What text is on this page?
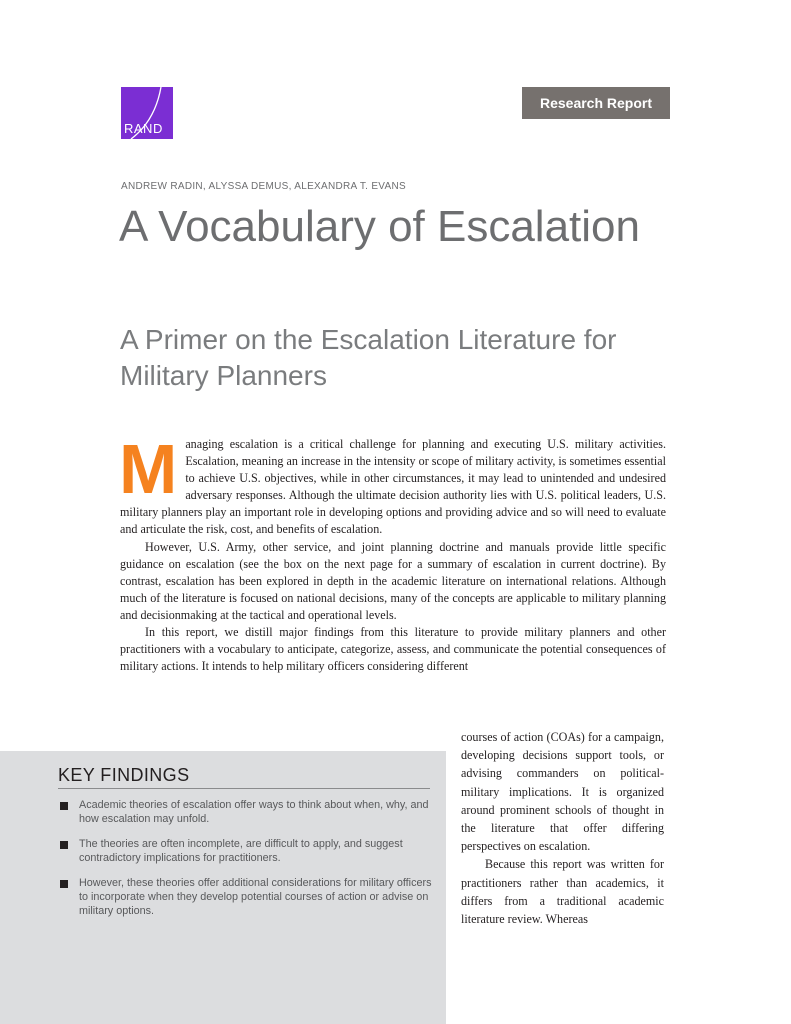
RAND
Research Report
ANDREW RADIN, ALYSSA DEMUS, ALEXANDRA T. EVANS
A Vocabulary of Escalation
A Primer on the Escalation Literature for Military Planners

Managing escalation is a critical challenge for planning and executing U.S. military activities. Escalation, meaning an increase in the intensity or scope of military activity, is sometimes essential to achieve U.S. objectives, while in other circumstances, it may lead to unintended and undesired adversary responses. Although the ultimate decision authority lies with U.S. political leaders, U.S. military planners play an important role in developing options and providing advice and so will need to evaluate and articulate the risk, cost, and benefits of escalation.

However, U.S. Army, other service, and joint planning doctrine and manuals provide little specific guidance on escalation (see the box on the next page for a summary of escalation in current doctrine). By contrast, escalation has been explored in depth in the academic literature on international relations. Although much of the literature is focused on national decisions, many of the concepts are applicable to military planning and decisionmaking at the tactical and operational levels.

In this report, we distill major findings from this literature to provide military planners and other practitioners with a vocabulary to anticipate, categorize, assess, and communicate the potential consequences of military actions. It intends to help military officers considering different

courses of action (COAs) for a campaign, developing decisions support tools, or advising commanders on political-military implications. It is organized around prominent schools of thought in the literature that offer differing perspectives on escalation.

Because this report was written for practitioners rather than academics, it differs from a traditional academic literature review. Whereas

KEY FINDINGS
Academic theories of escalation offer ways to think about when, why, and how escalation may unfold.
The theories are often incomplete, are difficult to apply, and suggest contradictory implications for practitioners.
However, these theories offer additional considerations for military officers to incorporate when they develop potential courses of action or advise on military options.
